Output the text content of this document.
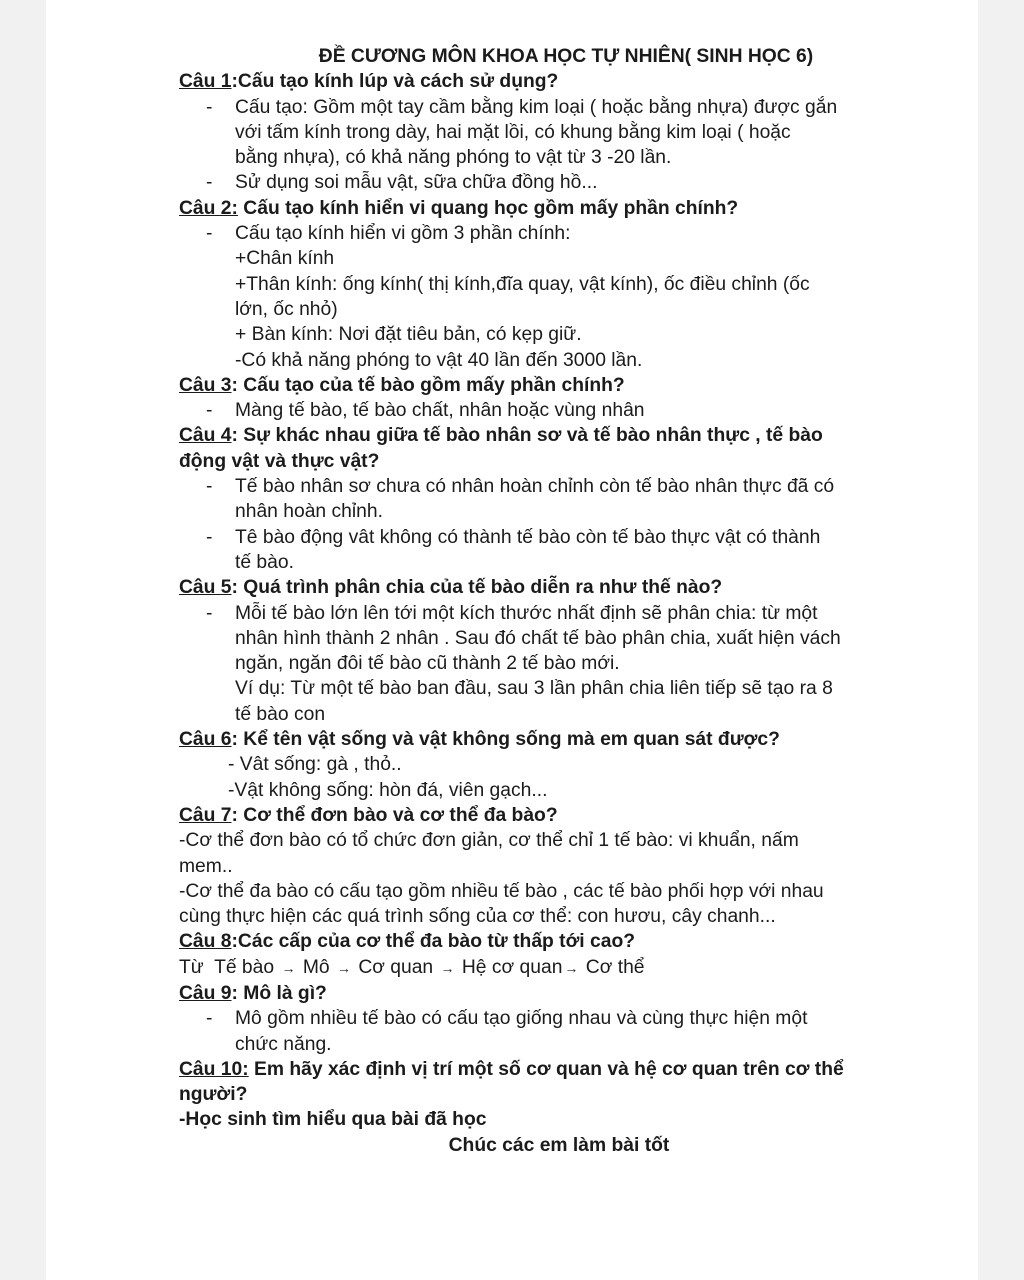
ĐỀ CƯƠNG MÔN KHOA HỌC TỰ NHIÊN( SINH HỌC 6)

Câu 1:Cấu tạo kính lúp và cách sử dụng?

- Cấu tạo: Gồm một tay cầm bằng kim loại ( hoặc bằng nhựa) được gắn

với tấm kính trong dày, hai mặt lồi, có khung bằng kim loại ( hoặc

bằng nhựa), có khả năng phóng to vật từ 3 -20 lần.

- Sử dụng soi mẫu vật, sữa chữa đồng hồ...

Câu 2: Cấu tạo kính hiển vi quang học gồm mấy phần chính?

- Cấu tạo kính hiển vi gồm 3 phần chính:

+Chân kính

+Thân kính: ống kính( thị kính,đĩa quay, vật kính), ốc điều chỉnh (ốc

lớn, ốc nhỏ)

+ Bàn kính: Nơi đặt tiêu bản, có kẹp giữ.

-Có khả năng phóng to vật 40 lần đến 3000 lần.

Câu 3: Cấu tạo của tế bào gồm mấy phần chính?

- Màng tế bào, tế bào chất, nhân hoặc vùng nhân

Câu 4: Sự khác nhau giữa tế bào nhân sơ và tế bào nhân thực , tế bào

động vật và thực vật?

- Tế bào nhân sơ chưa có nhân hoàn chỉnh còn tế bào nhân thực đã có

nhân hoàn chỉnh.

- Tê bào động vât không có thành tế bào còn tế bào thực vật có thành

tế bào.

Câu 5: Quá trình phân chia của tế bào diễn ra như thế nào?

- Mỗi tế bào lớn lên tới một kích thước nhất định sẽ phân chia: từ một

nhân hình thành 2 nhân . Sau đó chất tế bào phân chia, xuất hiện vách

ngăn, ngăn đôi tế bào cũ thành 2 tế bào mới.

Ví dụ: Từ một tế bào ban đầu, sau 3 lần phân chia liên tiếp sẽ tạo ra 8

tế bào con

Câu 6: Kể tên vật sống và vật không sống mà em quan sát được?

- Vât sống: gà , thỏ..

-Vật không sống: hòn đá, viên gạch...

Câu 7: Cơ thể đơn bào và cơ thể đa bào?

-Cơ thể đơn bào có tổ chức đơn giản, cơ thể chỉ 1 tế bào: vi khuẩn, nấm

mem..

-Cơ thể đa bào có cấu tạo gồm nhiều tế bào , các tế bào phối hợp với nhau

cùng thực hiện các quá trình sống của cơ thể: con hươu, cây chanh...

Câu 8:Các cấp của cơ thể đa bào từ thấp tới cao?

Từ Tế bào → Mô → Cơ quan → Hệ cơ quan → Cơ thể

Câu 9: Mô là gì?

- Mô gồm nhiều tế bào có cấu tạo giống nhau và cùng thực hiện một

chức năng.

Câu 10: Em hãy xác định vị trí một số cơ quan và hệ cơ quan trên cơ thể

người?

-Học sinh tìm hiểu qua bài đã học

Chúc các em làm bài tốt
